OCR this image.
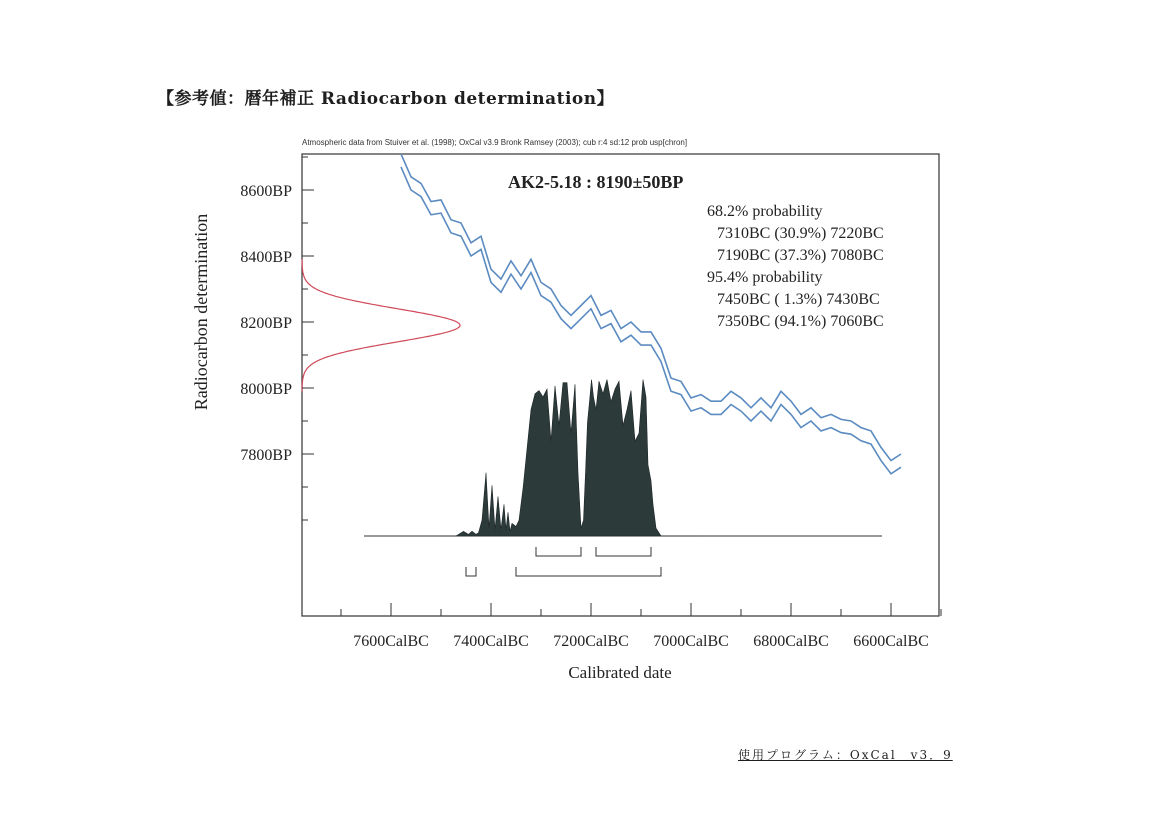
【参考値：暦年補正 Radiocarbon determination】
Atmospheric data from Stuiver et al. (1998); OxCal v3.9 Bronk Ramsey (2003); cub r:4 sd:12 prob usp[chron]
7600CalBC 7400CalBC 7200CalBC 7000CalBC 6800CalBC 6600CalBC
7800BP
8000BP
8200BP
8400BP
8600BP	AK2-5.18 : 8190±50BP
68.2% probability
7310BC (30.9%) 7220BC
7190BC (37.3%) 7080BC
95.4% probability
7450BC ( 1.3%) 7430BC
7350BC (94.1%) 7060BC
Calibrated date
Radiocarbon determination
使用プログラム：OxCal　v3．9
